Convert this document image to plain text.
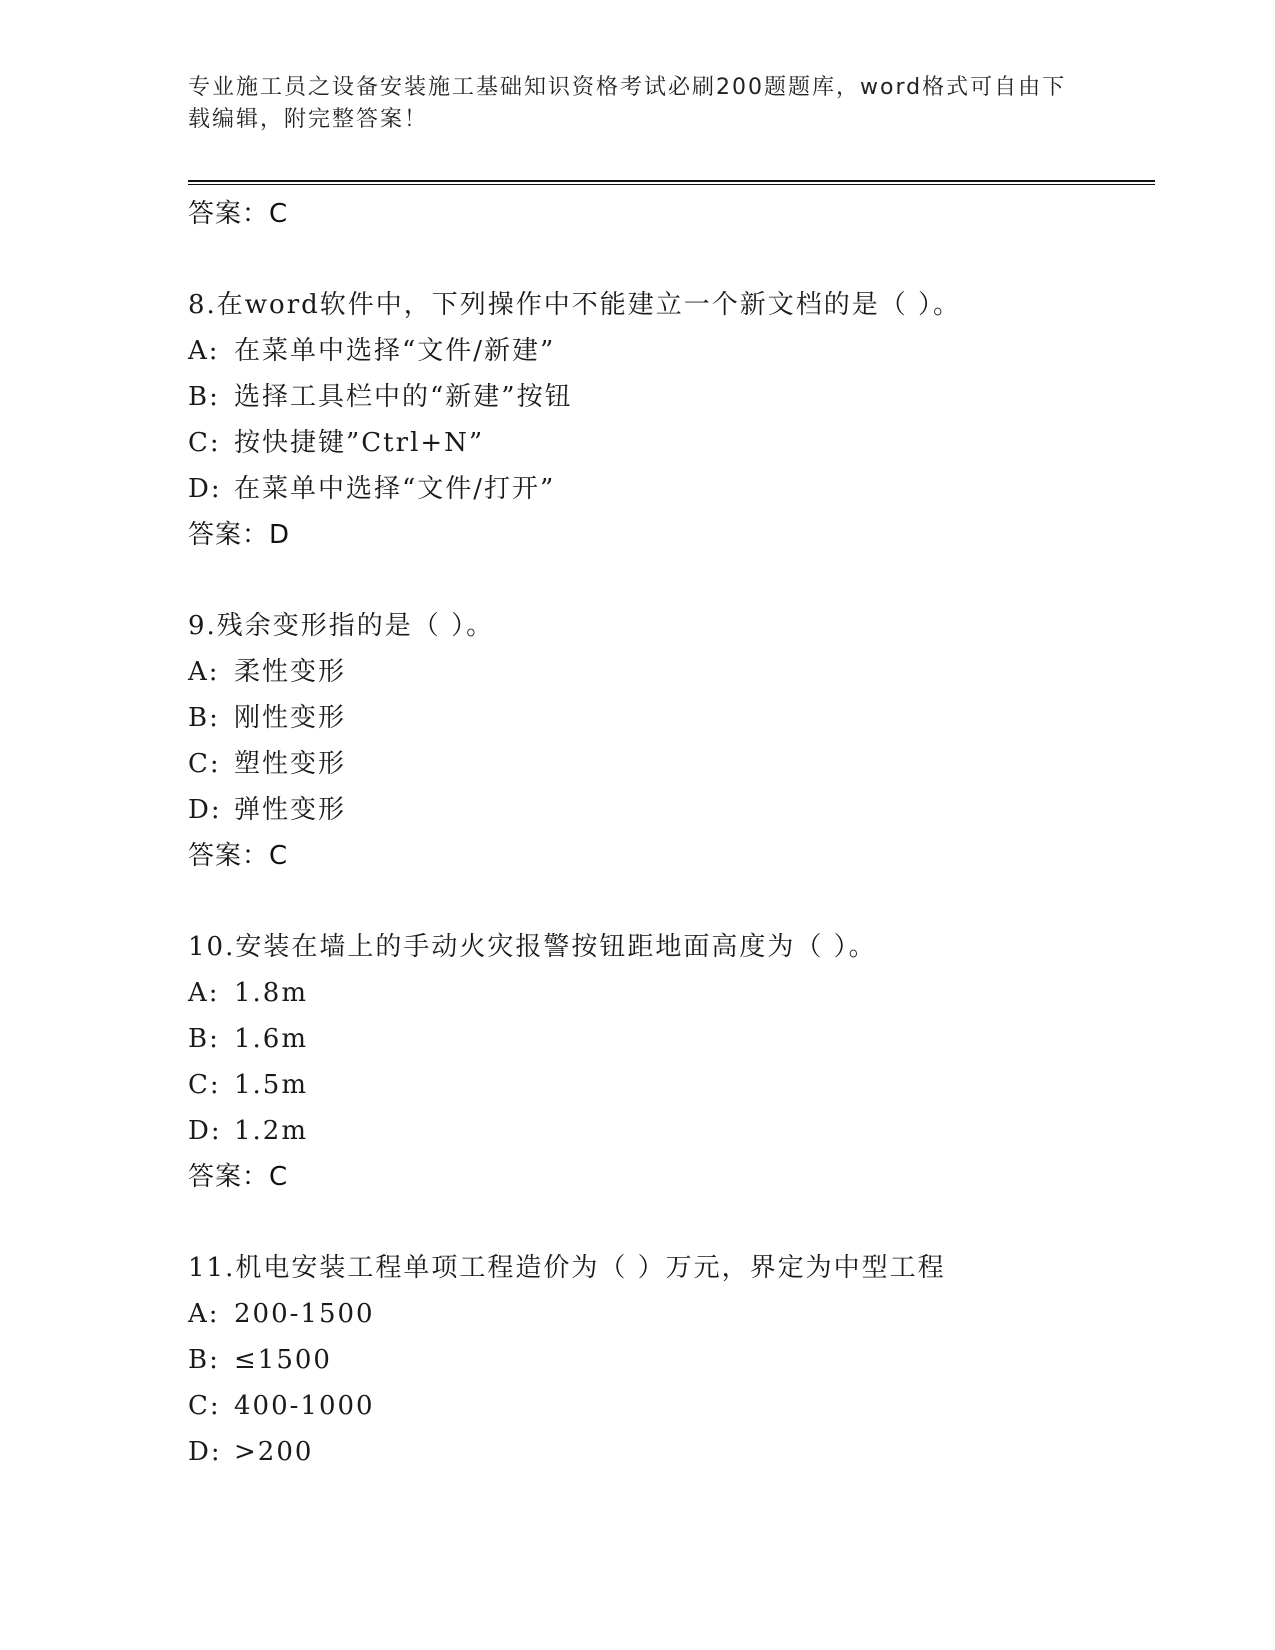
专业施工员之设备安装施工基础知识资格考试必刷200题题库，word格式可自由下载编辑，附完整答案！
答案：C
8.在word软件中，下列操作中不能建立一个新文档的是（ ）。
A: 在菜单中选择“文件/新建”
B: 选择工具栏中的“新建”按钮
C: 按快捷键”Ctrl+N”
D: 在菜单中选择“文件/打开”
答案：D
9.残余变形指的是（ ）。
A: 柔性变形
B: 刚性变形
C: 塑性变形
D: 弹性变形
答案：C
10.安装在墙上的手动火灾报警按钮距地面高度为（ ）。
A: 1.8m
B: 1.6m
C: 1.5m
D: 1.2m
答案：C
11.机电安装工程单项工程造价为（ ）万元，界定为中型工程
A: 200-1500
B: ≤1500
C: 400-1000
D: >200
